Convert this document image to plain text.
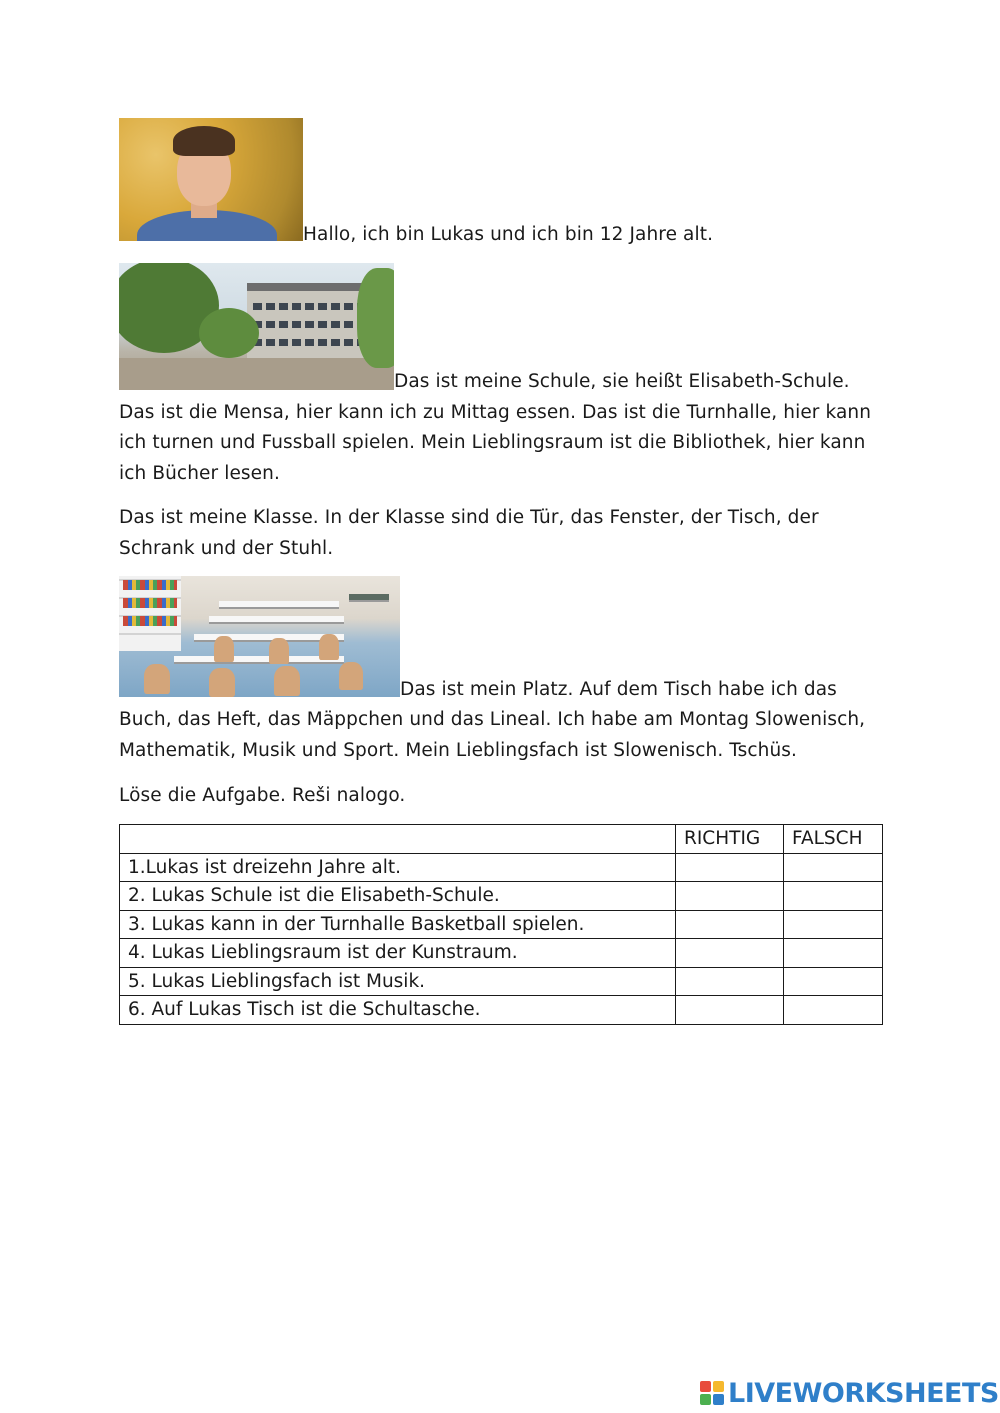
Hallo, ich bin Lukas und ich bin 12 Jahre alt.
Das ist meine Schule, sie heißt Elisabeth-Schule.
Das ist die Mensa, hier kann ich zu Mittag essen. Das ist die Turnhalle, hier kann
ich turnen und Fussball spielen. Mein Lieblingsraum ist die Bibliothek, hier kann
ich Bücher lesen.
Das ist meine Klasse. In der Klasse sind die Tür, das Fenster, der Tisch, der
Schrank und der Stuhl.
Das ist mein Platz. Auf dem Tisch habe ich das
Buch, das Heft, das Mäppchen und das Lineal. Ich habe am Montag Slowenisch,
Mathematik, Musik und Sport. Mein Lieblingsfach ist Slowenisch. Tschüs.
Löse die Aufgabe. Reši nalogo.
	RICHTIG	FALSCH
1.Lukas ist dreizehn Jahre alt.		
2. Lukas Schule ist die Elisabeth-Schule.		
3. Lukas kann in der Turnhalle Basketball spielen.		
4. Lukas Lieblingsraum ist der Kunstraum.		
5. Lukas Lieblingsfach ist Musik.		
6. Auf Lukas Tisch ist die Schultasche.		
LIVEWORKSHEETS
